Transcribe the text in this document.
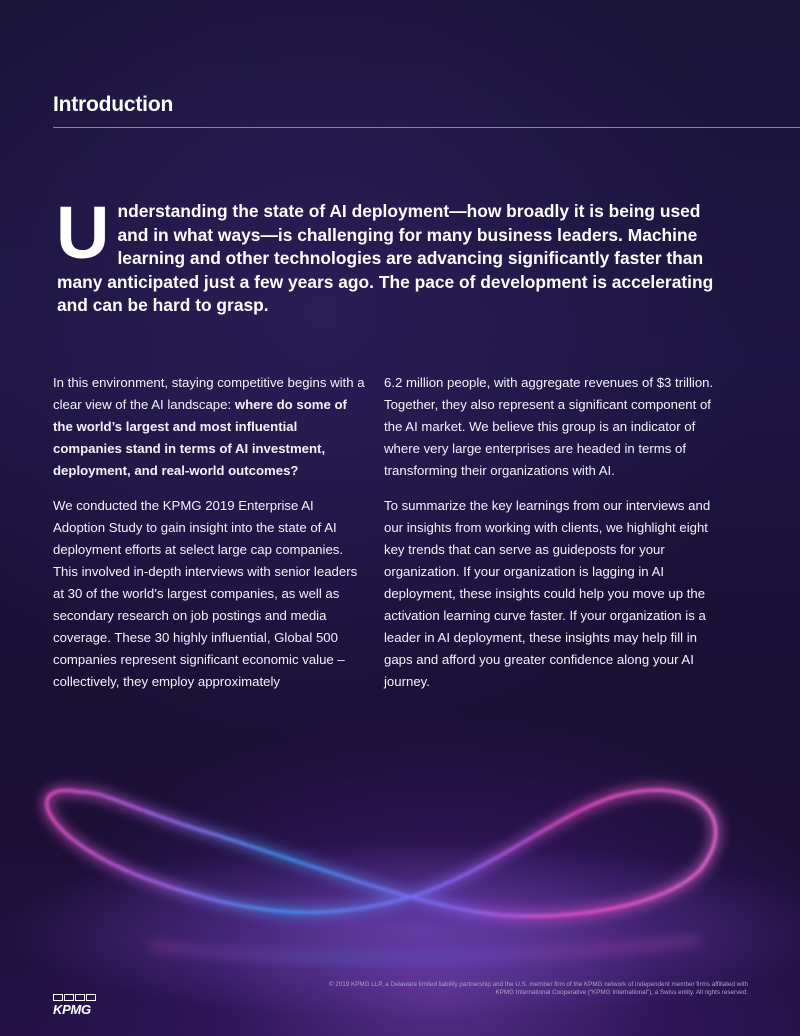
Introduction

Understanding the state of AI deployment—how broadly it is being used and in what ways—is challenging for many business leaders. Machine learning and other technologies are advancing significantly faster than many anticipated just a few years ago. The pace of development is accelerating and can be hard to grasp.

In this environment, staying competitive begins with a clear view of the AI landscape: where do some of the world’s largest and most influential companies stand in terms of AI investment, deployment, and real-world outcomes?

We conducted the KPMG 2019 Enterprise AI Adoption Study to gain insight into the state of AI deployment efforts at select large cap companies. This involved in-depth interviews with senior leaders at 30 of the world’s largest companies, as well as secondary research on job postings and media coverage. These 30 highly influential, Global 500 companies represent significant economic value – collectively, they employ approximately

6.2 million people, with aggregate revenues of $3 trillion. Together, they also represent a significant component of the AI market. We believe this group is an indicator of where very large enterprises are headed in terms of transforming their organizations with AI.

To summarize the key learnings from our interviews and our insights from working with clients, we highlight eight key trends that can serve as guideposts for your organization. If your organization is lagging in AI deployment, these insights could help you move up the activation learning curve faster. If your organization is a leader in AI deployment, these insights may help fill in gaps and afford you greater confidence along your AI journey.

© 2019 KPMG LLP, a Delaware limited liability partnership and the U.S. member firm of the KPMG network of independent member firms affiliated with
KPMG International Cooperative (“KPMG International”), a Swiss entity. All rights reserved.
KPMG
